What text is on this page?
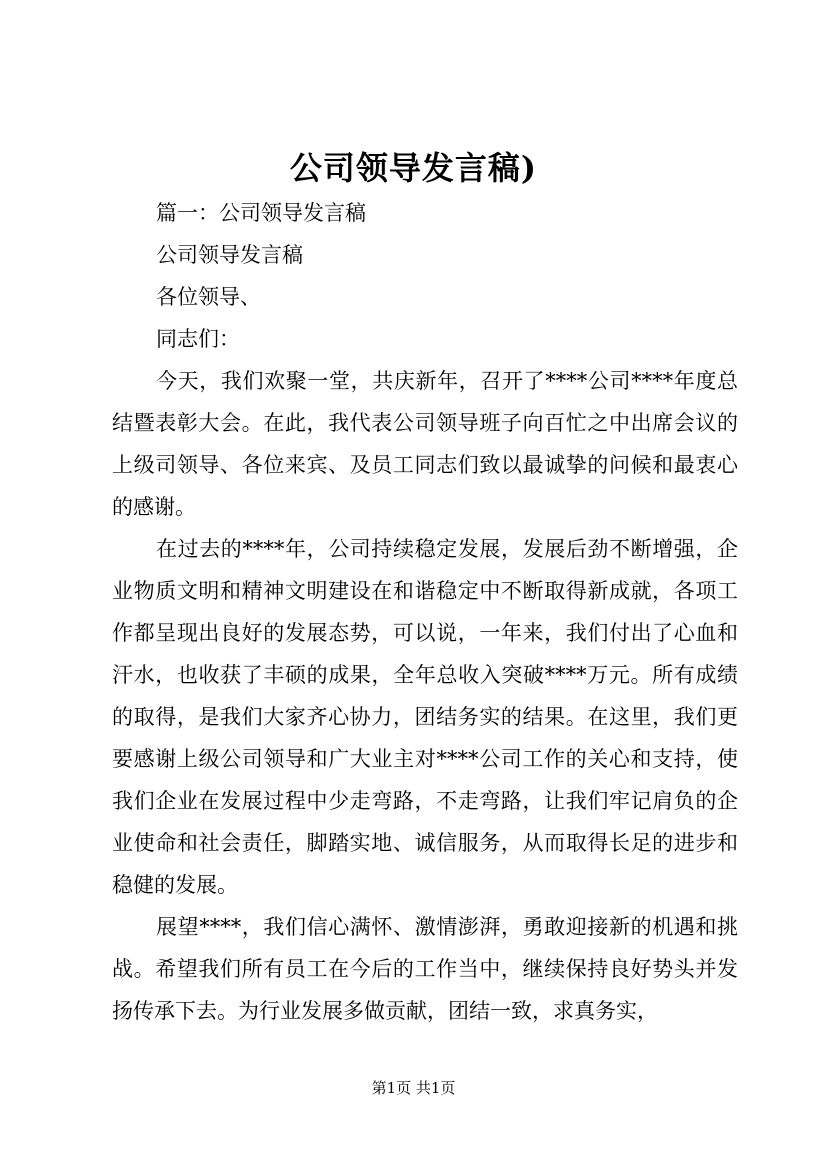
公司领导发言稿)

篇一：公司领导发言稿

公司领导发言稿

各位领导、

同志们：

今天，我们欢聚一堂，共庆新年，召开了****公司****年度总结暨表彰大会。在此，我代表公司领导班子向百忙之中出席会议的上级司领导、各位来宾、及员工同志们致以最诚挚的问候和最衷心的感谢。

在过去的****年，公司持续稳定发展，发展后劲不断增强，企业物质文明和精神文明建设在和谐稳定中不断取得新成就，各项工作都呈现出良好的发展态势，可以说，一年来，我们付出了心血和汗水，也收获了丰硕的成果，全年总收入突破****万元。所有成绩的取得，是我们大家齐心协力，团结务实的结果。在这里，我们更要感谢上级公司领导和广大业主对****公司工作的关心和支持，使我们企业在发展过程中少走弯路，不走弯路，让我们牢记肩负的企业使命和社会责任，脚踏实地、诚信服务，从而取得长足的进步和稳健的发展。

展望****，我们信心满怀、激情澎湃，勇敢迎接新的机遇和挑战。希望我们所有员工在今后的工作当中，继续保持良好势头并发扬传承下去。为行业发展多做贡献，团结一致，求真务实，

第1页 共1页
